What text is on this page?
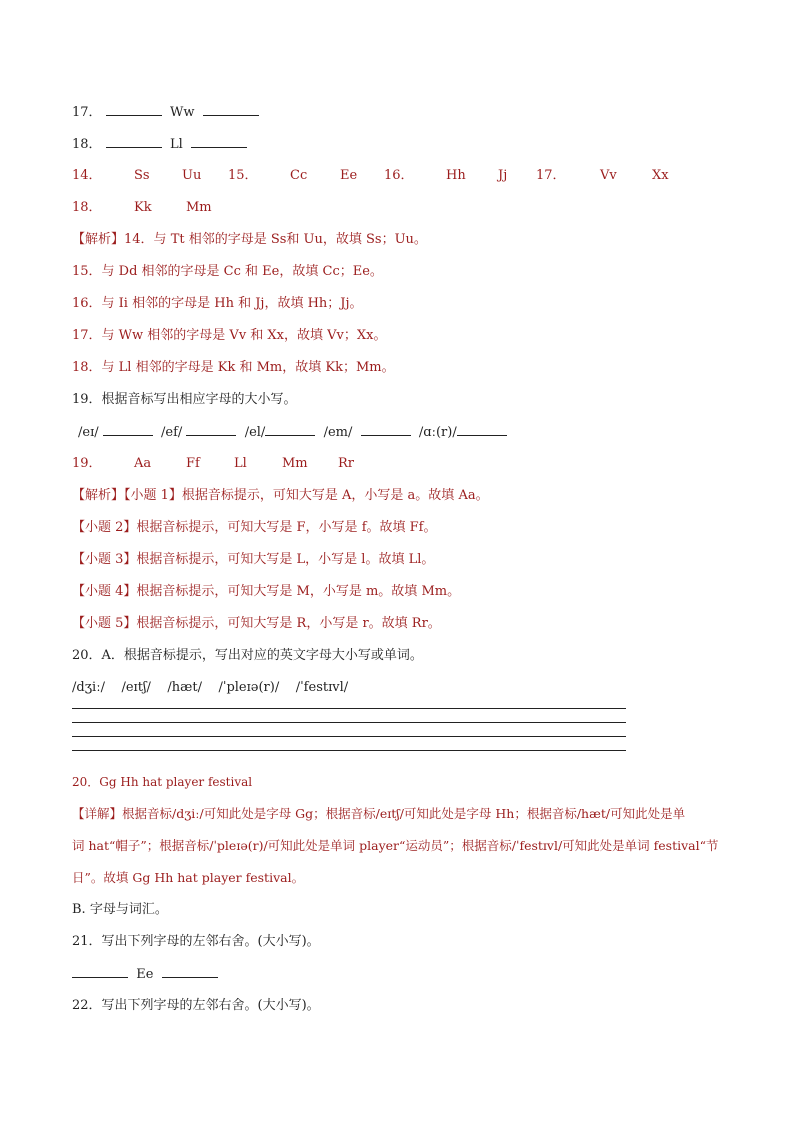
17．	Ww
18．	Ll

14．

Ss

Uu

15．

Cc

	Ee

16．

Hh

Jj

17．

	Vv

	Xx

18．

Kk

	Mm

【解析】14．与 Tt 相邻的字母是 Ss和 Uu，故填 Ss；Uu。
15．与 Dd 相邻的字母是 Cc 和 Ee，故填 Cc；Ee。
16．与 Ii 相邻的字母是 Hh 和 Jj，故填 Hh；Jj。
17．与 Ww 相邻的字母是 Vv 和 Xx，故填 Vv；Xx。
18．与 Ll 相邻的字母是 Kk 和 Mm，故填 Kk；Mm。
19．根据音标写出相应字母的大小写。
/eɪ/	/ef/	/el/	/em/	/ɑː(r)/

19．

Aa

	Ff

	Ll

	Mm

Rr

【解析】【小题 1】根据音标提示，可知大写是 A，小写是 a。故填 Aa。
【小题 2】根据音标提示，可知大写是 F，小写是 f。故填 Ff。
【小题 3】根据音标提示，可知大写是 L，小写是 l。故填 Ll。
【小题 4】根据音标提示，可知大写是 M，小写是 m。故填 Mm。
【小题 5】根据音标提示，可知大写是 R，小写是 r。故填 Rr。
20．A．根据音标提示，写出对应的英文字母大小写或单词。
/dʒiː/    /eɪtʃ/    /hæt/    /ˈpleɪə(r)/    /ˈfestɪvl/
20．Gg Hh hat player festival
【详解】根据音标/dʒiː/可知此处是字母 Gg；根据音标/eɪtʃ/可知此处是字母 Hh；根据音标/hæt/可知此处是单
词 hat“帽子”；根据音标/ˈpleɪə(r)/可知此处是单词 player“运动员”；根据音标/ˈfestɪvl/可知此处是单词 festival“节
日”。故填 Gg Hh hat player festival。
B. 字母与词汇。
21．写出下列字母的左邻右舍。(大小写)。
Ee
22．写出下列字母的左邻右舍。(大小写)。
